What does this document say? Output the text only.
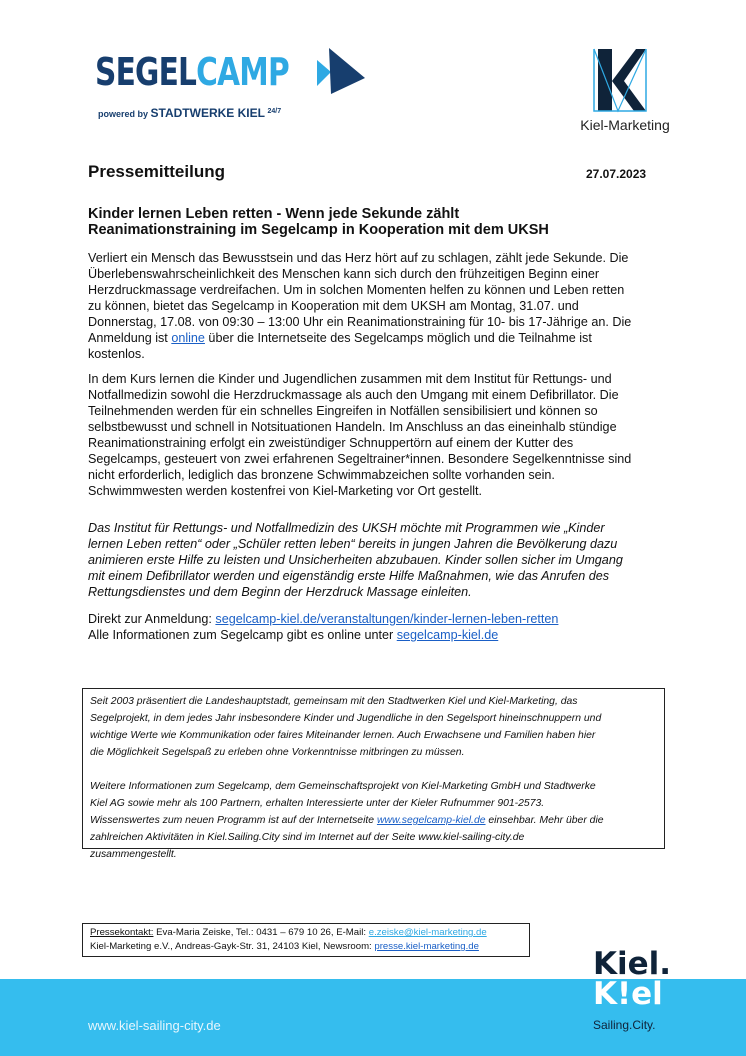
SEGELCAMP
powered by STADTWERKE KIEL $^{24/7}$
Kiel-Marketing
Pressemitteilung	27.07.2023
Kinder lernen Leben retten - Wenn jede Sekunde zählt
Reanimationstraining im Segelcamp in Kooperation mit dem UKSH
Verliert ein Mensch das Bewusstsein und das Herz hört auf zu schlagen, zählt jede Sekunde. Die
Überlebenswahrscheinlichkeit des Menschen kann sich durch den frühzeitigen Beginn einer
Herzdruckmassage verdreifachen. Um in solchen Momenten helfen zu können und Leben retten
zu können, bietet das Segelcamp in Kooperation mit dem UKSH am Montag, 31.07. und
Donnerstag, 17.08. von 09:30 – 13:00 Uhr ein Reanimationstraining für 10- bis 17-Jährige an. Die
Anmeldung ist online über die Internetseite des Segelcamps möglich und die Teilnahme ist
kostenlos.
In dem Kurs lernen die Kinder und Jugendlichen zusammen mit dem Institut für Rettungs- und
Notfallmedizin sowohl die Herzdruckmassage als auch den Umgang mit einem Defibrillator. Die
Teilnehmenden werden für ein schnelles Eingreifen in Notfällen sensibilisiert und können so
selbstbewusst und schnell in Notsituationen Handeln. Im Anschluss an das eineinhalb stündige
Reanimationstraining erfolgt ein zweistündiger Schnuppertörn auf einem der Kutter des
Segelcamps, gesteuert von zwei erfahrenen Segeltrainer*innen. Besondere Segelkenntnisse sind
nicht erforderlich, lediglich das bronzene Schwimmabzeichen sollte vorhanden sein.
Schwimmwesten werden kostenfrei von Kiel-Marketing vor Ort gestellt.
Das Institut für Rettungs- und Notfallmedizin des UKSH möchte mit Programmen wie „Kinder
lernen Leben retten“ oder „Schüler retten leben“ bereits in jungen Jahren die Bevölkerung dazu
animieren erste Hilfe zu leisten und Unsicherheiten abzubauen. Kinder sollen sicher im Umgang
mit einem Defibrillator werden und eigenständig erste Hilfe Maßnahmen, wie das Anrufen des
Rettungsdienstes und dem Beginn der Herzdruck Massage einleiten.
Direkt zur Anmeldung: segelcamp-kiel.de/veranstaltungen/kinder-lernen-leben-retten
Alle Informationen zum Segelcamp gibt es online unter segelcamp-kiel.de
Seit 2003 präsentiert die Landeshauptstadt, gemeinsam mit den Stadtwerken Kiel und Kiel-Marketing, das
Segelprojekt, in dem jedes Jahr insbesondere Kinder und Jugendliche in den Segelsport hineinschnuppern und
wichtige Werte wie Kommunikation oder faires Miteinander lernen. Auch Erwachsene und Familien haben hier
die Möglichkeit Segelspaß zu erleben ohne Vorkenntnisse mitbringen zu müssen.
Weitere Informationen zum Segelcamp, dem Gemeinschaftsprojekt von Kiel-Marketing GmbH und Stadtwerke
Kiel AG sowie mehr als 100 Partnern, erhalten Interessierte unter der Kieler Rufnummer 901-2573.
Wissenswertes zum neuen Programm ist auf der Internetseite www.segelcamp-kiel.de einsehbar. Mehr über die
zahlreichen Aktivitäten in Kiel.Sailing.City sind im Internet auf der Seite www.kiel-sailing-city.de
zusammengestellt.
Pressekontakt: Eva-Maria Zeiske, Tel.: 0431 – 679 10 26, E-Mail: e.zeiske@kiel-marketing.de
Kiel-Marketing e.V., Andreas-Gayk-Str. 31, 24103 Kiel, Newsroom: presse.kiel-marketing.de
www.kiel-sailing-city.de
Kiel.
K!el
Sailing.City.
